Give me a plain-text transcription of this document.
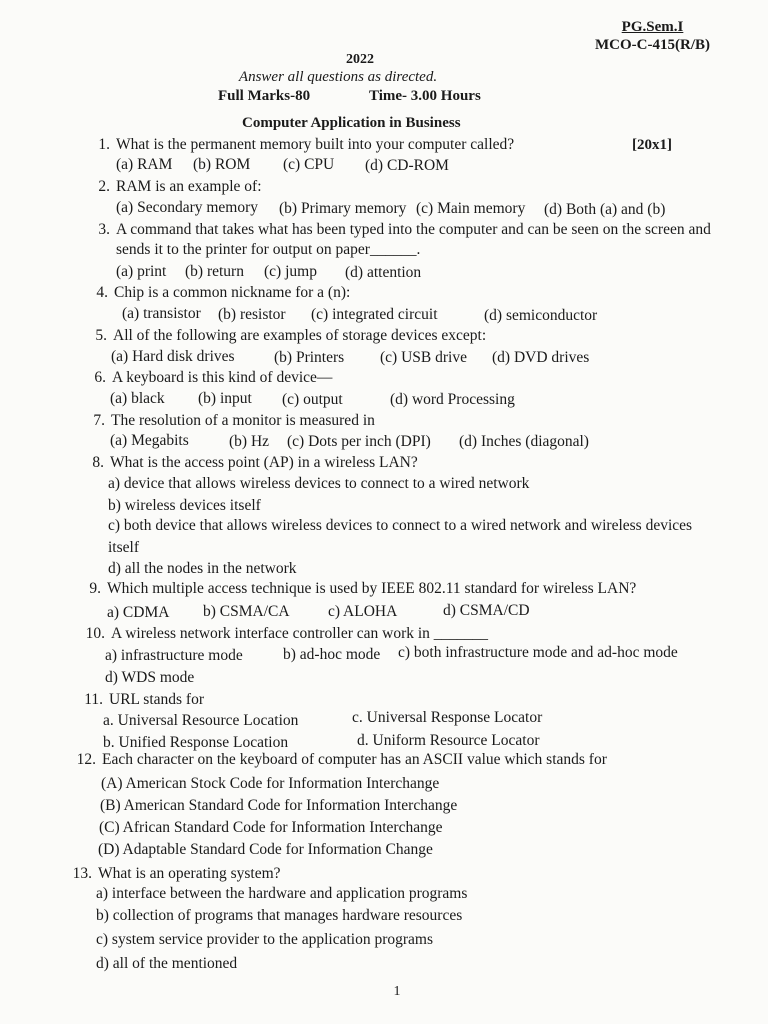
PG.Sem.I
MCO-C-415(R/B)
2022
Answer all questions as directed.
Full Marks-80	Time- 3.00 Hours
Computer Application in Business
[20x1]
1. What is the permanent memory built into your computer called?
(a) RAM (b) ROM (c) CPU (d) CD-ROM
2. RAM is an example of:
(a) Secondary memory (b) Primary memory (c) Main memory (d) Both (a) and (b)
3. A command that takes what has been typed into the computer and can be seen on the screen and
sends it to the printer for output on paper______.
(a) print (b) return (c) jump (d) attention
4. Chip is a common nickname for a (n):
(a) transistor (b) resistor (c) integrated circuit	(d) semiconductor
5. All of the following are examples of storage devices except:
(a) Hard disk drives	(b) Printers (c) USB drive (d) DVD drives
6. A keyboard is this kind of device—
(a) black (b) input (c) output	(d) word Processing
7. The resolution of a monitor is measured in
(a) Megabits	(b) Hz (c) Dots per inch (DPI) (d) Inches (diagonal)
8. What is the access point (AP) in a wireless LAN?
a) device that allows wireless devices to connect to a wired network
b) wireless devices itself
c) both device that allows wireless devices to connect to a wired network and wireless devices
itself
d) all the nodes in the network
9. Which multiple access technique is used by IEEE 802.11 standard for wireless LAN?
a) CDMA b) CSMA/CA c) ALOHA	d) CSMA/CD
10. A wireless network interface controller can work in _______
a) infrastructure mode	b) ad-hoc mode c) both infrastructure mode and ad-hoc mode
d) WDS mode
11. URL stands for
a. Universal Resource Location	c. Universal Response Locator
b. Unified Response Location	d. Uniform Resource Locator
12. Each character on the keyboard of computer has an ASCII value which stands for
(A) American Stock Code for Information Interchange
(B) American Standard Code for Information Interchange
(C) African Standard Code for Information Interchange
(D) Adaptable Standard Code for Information Change
13. What is an operating system?
a) interface between the hardware and application programs
b) collection of programs that manages hardware resources
c) system service provider to the application programs
d) all of the mentioned
1
